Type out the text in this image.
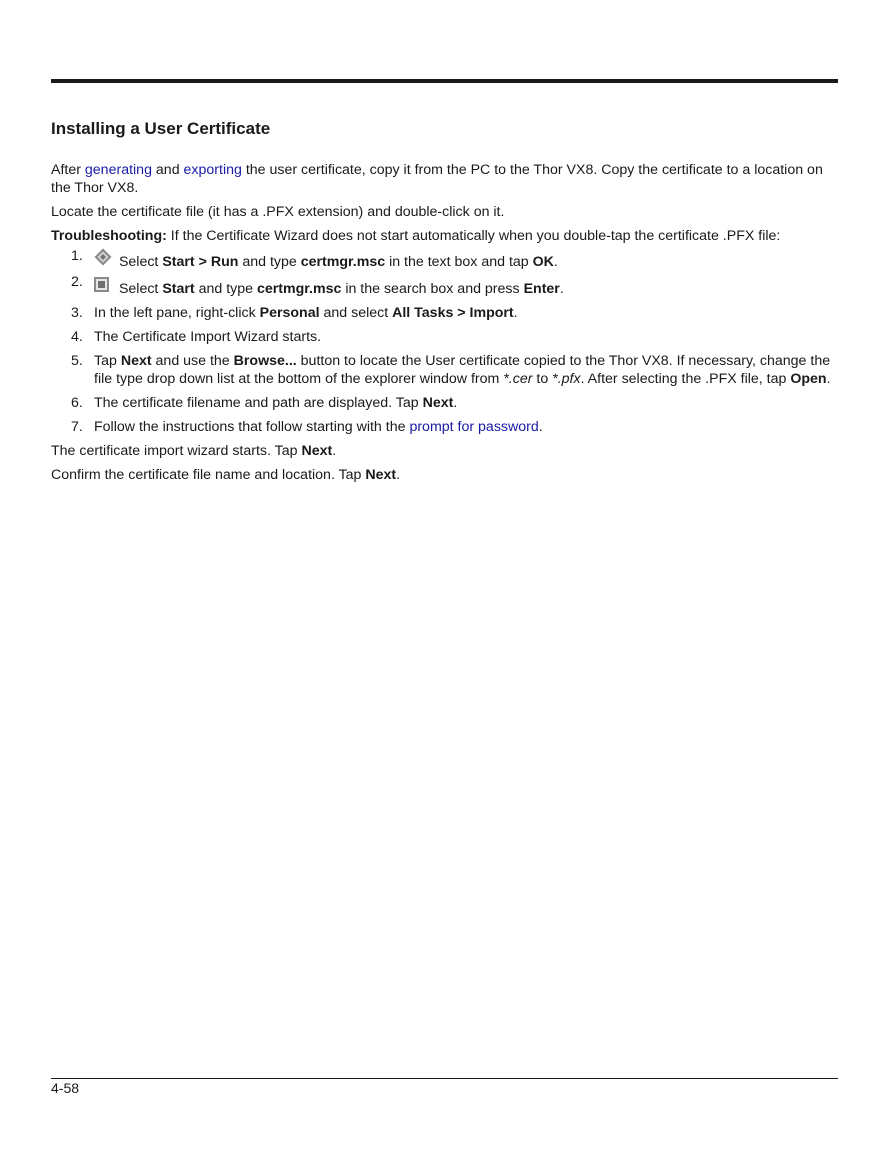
Installing a User Certificate

After generating and exporting the user certificate, copy it from the PC to the Thor VX8. Copy the certificate to a location on the Thor VX8.

Locate the certificate file (it has a .PFX extension) and double-click on it.

Troubleshooting: If the Certificate Wizard does not start automatically when you double-tap the certificate .PFX file:

1. Select Start > Run and type certmgr.msc in the text box and tap OK.
2. Select Start and type certmgr.msc in the search box and press Enter.
3. In the left pane, right-click Personal and select All Tasks > Import.
4. The Certificate Import Wizard starts.
5. Tap Next and use the Browse... button to locate the User certificate copied to the Thor VX8. If necessary, change the file type drop down list at the bottom of the explorer window from *.cer to *.pfx. After selecting the .PFX file, tap Open.
6. The certificate filename and path are displayed. Tap Next.
7. Follow the instructions that follow starting with the prompt for password.

The certificate import wizard starts. Tap Next.

Confirm the certificate file name and location. Tap Next.

4-58
